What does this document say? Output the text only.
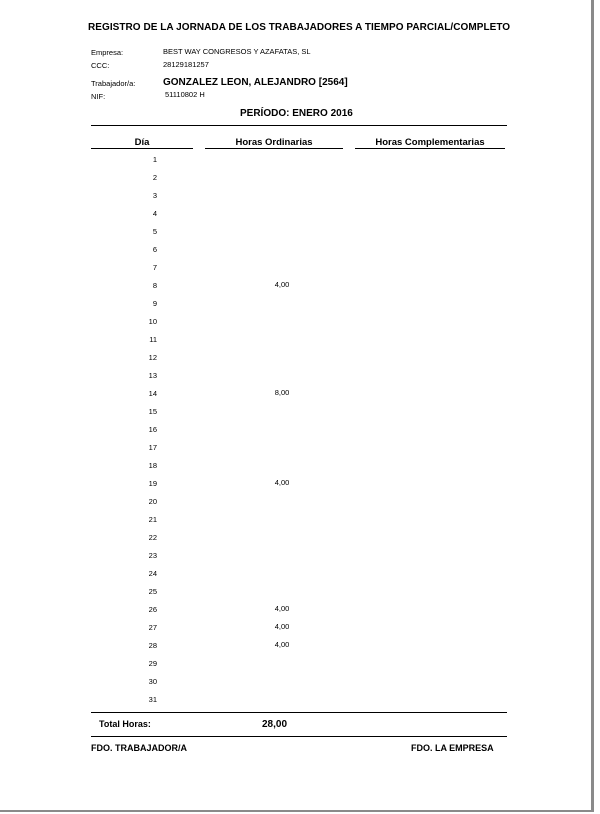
REGISTRO DE LA JORNADA DE LOS TRABAJADORES A TIEMPO PARCIAL/COMPLETO
Empresa:	BEST WAY CONGRESOS Y AZAFATAS, SL
CCC:	28129181257
Trabajador/a:	GONZALEZ LEON, ALEJANDRO [2564]
NIF:	51110802 H
PERÍODO: ENERO 2016
Día	Horas Ordinarias	Horas Complementarias
1
2
3
4
5
6
7
8	4,00
9
10
11
12
13
14	8,00
15
16
17
18
19	4,00
20
21
22
23
24
25
26	4,00
27	4,00
28	4,00
29
30
31
Total Horas:	28,00
FDO. TRABAJADOR/A	FDO. LA EMPRESA
